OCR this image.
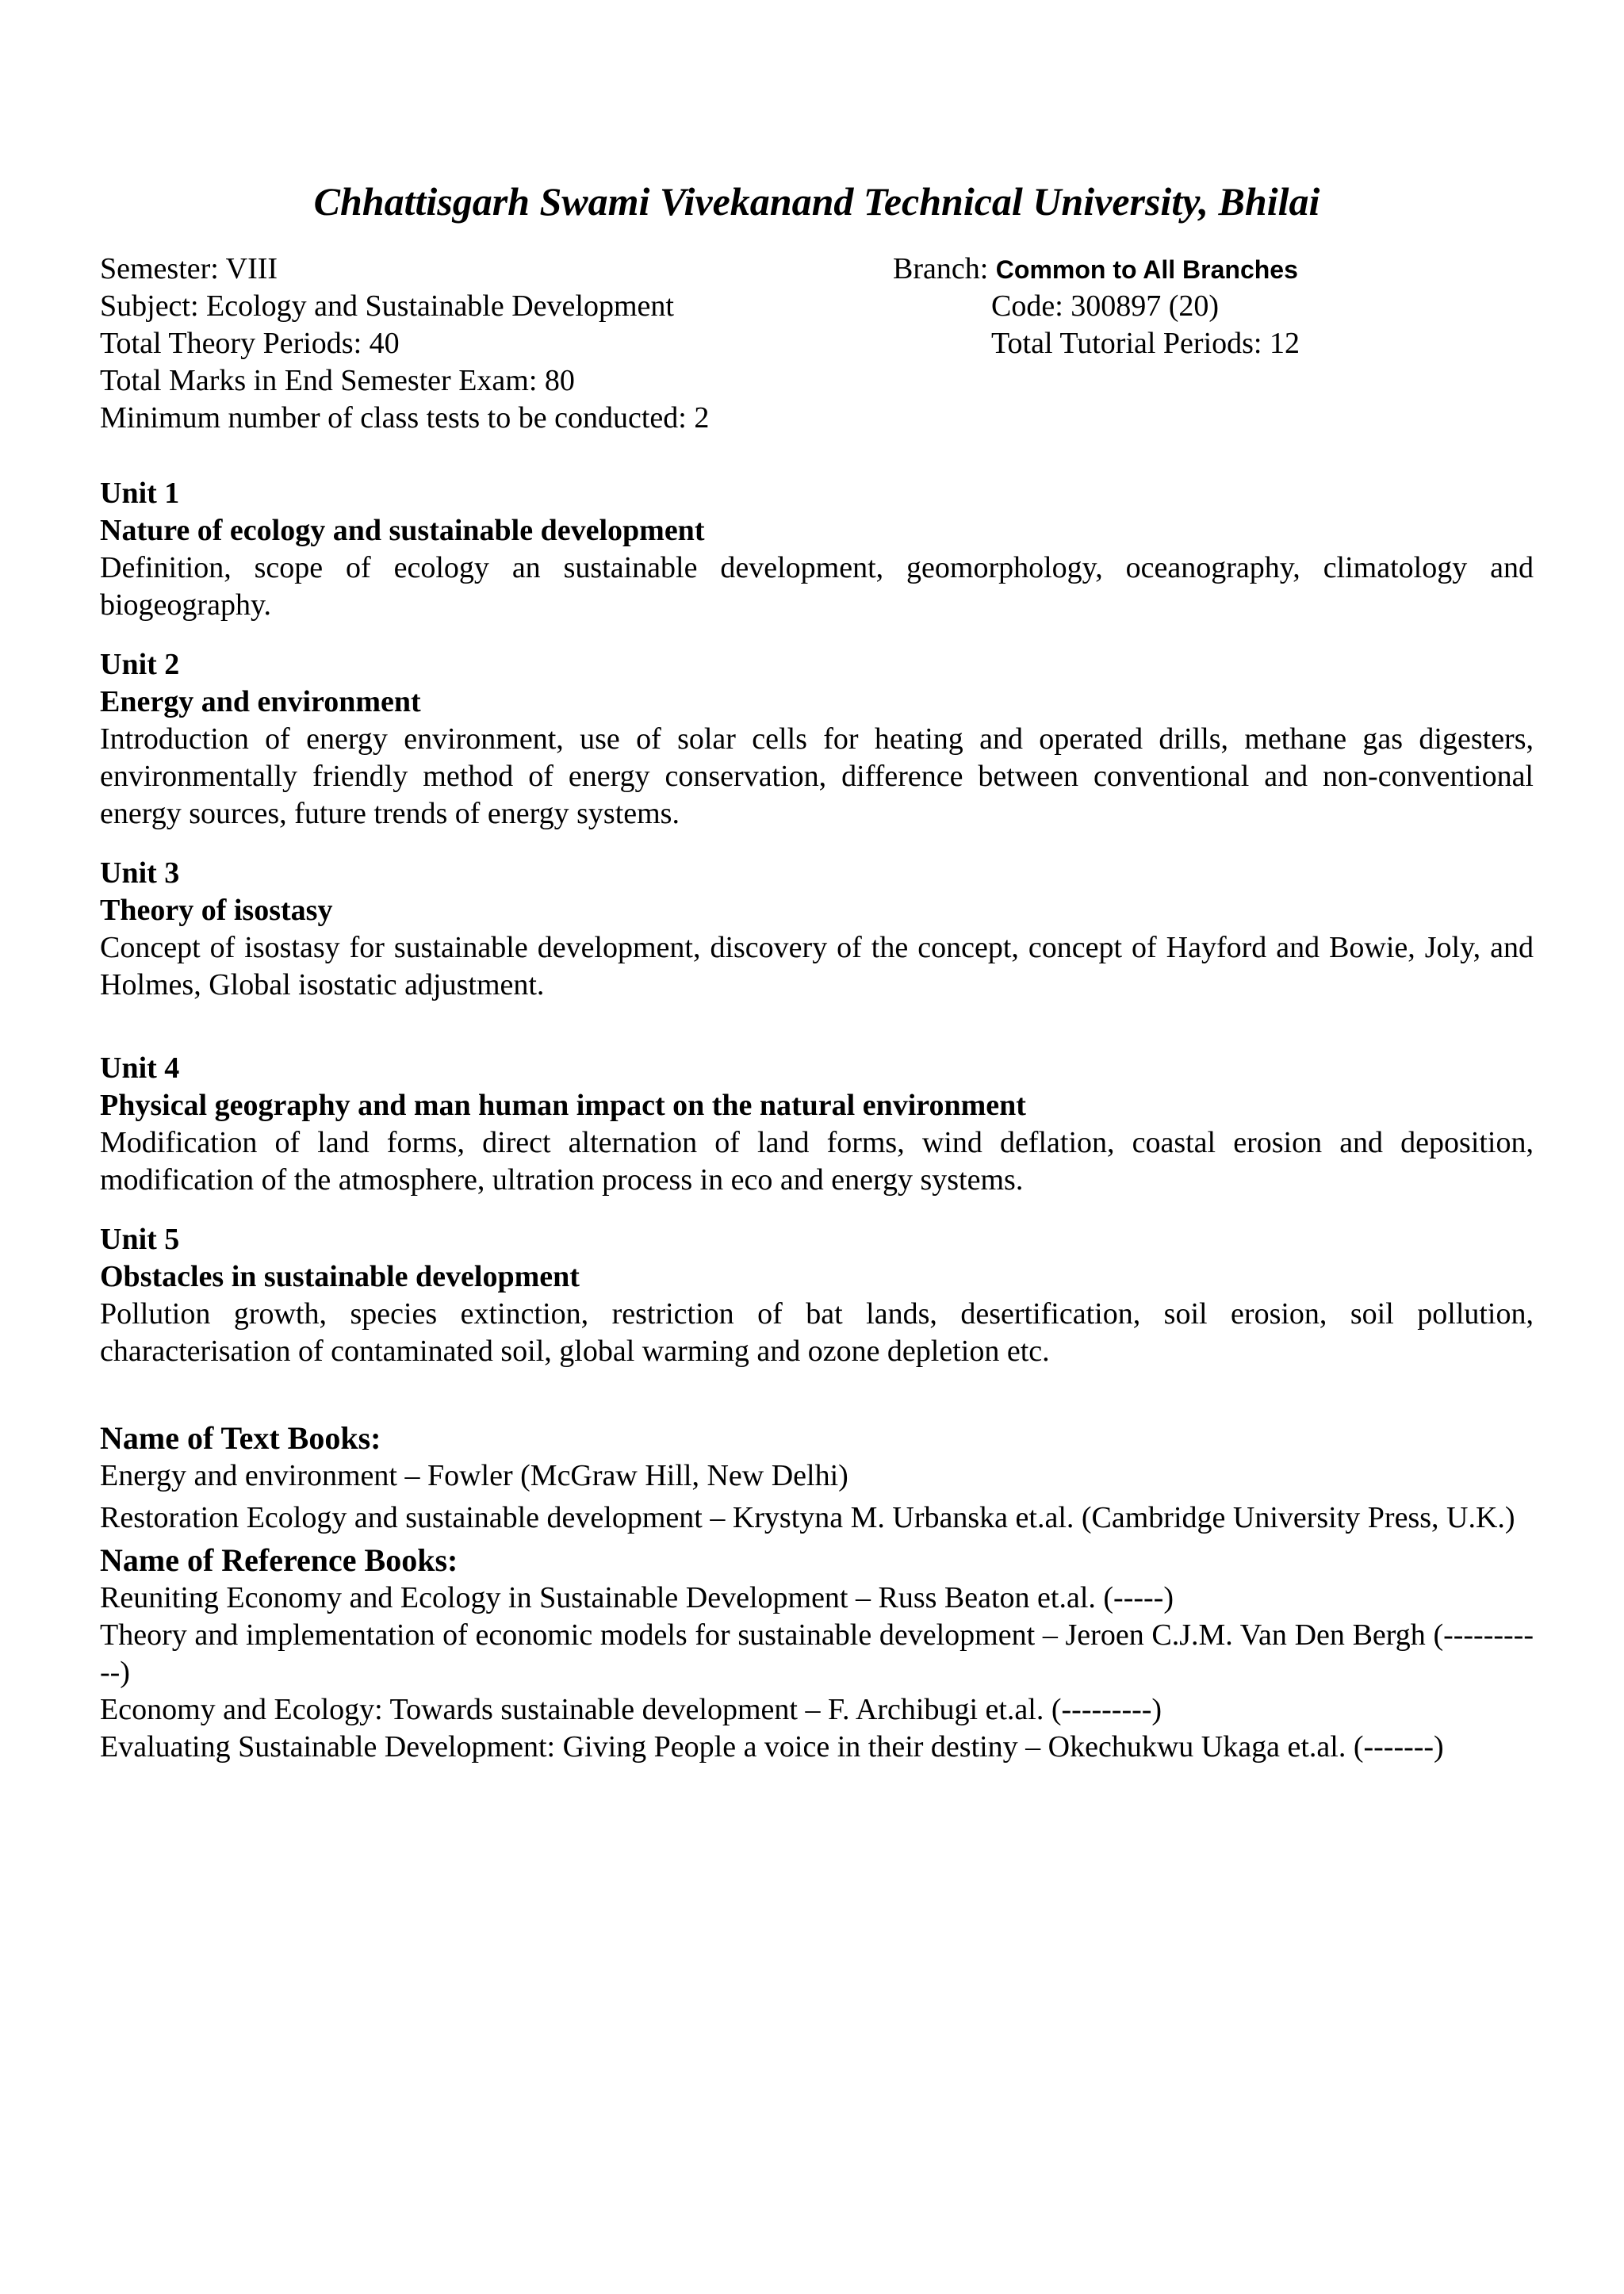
Chhattisgarh Swami Vivekanand Technical University, Bhilai
Semester: VIII	Branch: Common to All Branches
Subject: Ecology and Sustainable Development	Code: 300897 (20)
Total Theory Periods: 40	Total Tutorial Periods: 12
Total Marks in End Semester Exam: 80
Minimum number of class tests to be conducted: 2
Unit 1
Nature of ecology and sustainable development
Definition, scope of ecology an sustainable development, geomorphology, oceanography, climatology and biogeography.
Unit 2
Energy and environment
Introduction of energy environment, use of solar cells for heating and operated drills, methane gas digesters, environmentally friendly method of energy conservation, difference between conventional and non-conventional energy sources, future trends of energy systems.
Unit 3
Theory of isostasy
Concept of isostasy for sustainable development, discovery of the concept, concept of Hayford and Bowie, Joly, and Holmes, Global isostatic adjustment.
Unit 4
Physical geography and man human impact on the natural environment
Modification of land forms, direct alternation of land forms, wind deflation, coastal erosion and deposition, modification of the atmosphere, ultration process in eco and energy systems.
Unit 5
Obstacles in sustainable development
Pollution growth, species extinction, restriction of bat lands, desertification, soil erosion, soil pollution, characterisation of contaminated soil, global warming and ozone depletion etc.
Name of Text Books:
Energy and environment – Fowler (McGraw Hill, New Delhi)
Restoration Ecology and sustainable development – Krystyna M. Urbanska et.al. (Cambridge University Press, U.K.)
Name of Reference Books:
Reuniting Economy and Ecology in Sustainable Development – Russ Beaton et.al. (-----)
Theory and implementation of economic models for sustainable development – Jeroen C.J.M. Van Den Bergh (-----------)
Economy and Ecology: Towards sustainable development – F. Archibugi et.al. (---------)
Evaluating Sustainable Development: Giving People a voice in their destiny – Okechukwu Ukaga et.al. (-------)
